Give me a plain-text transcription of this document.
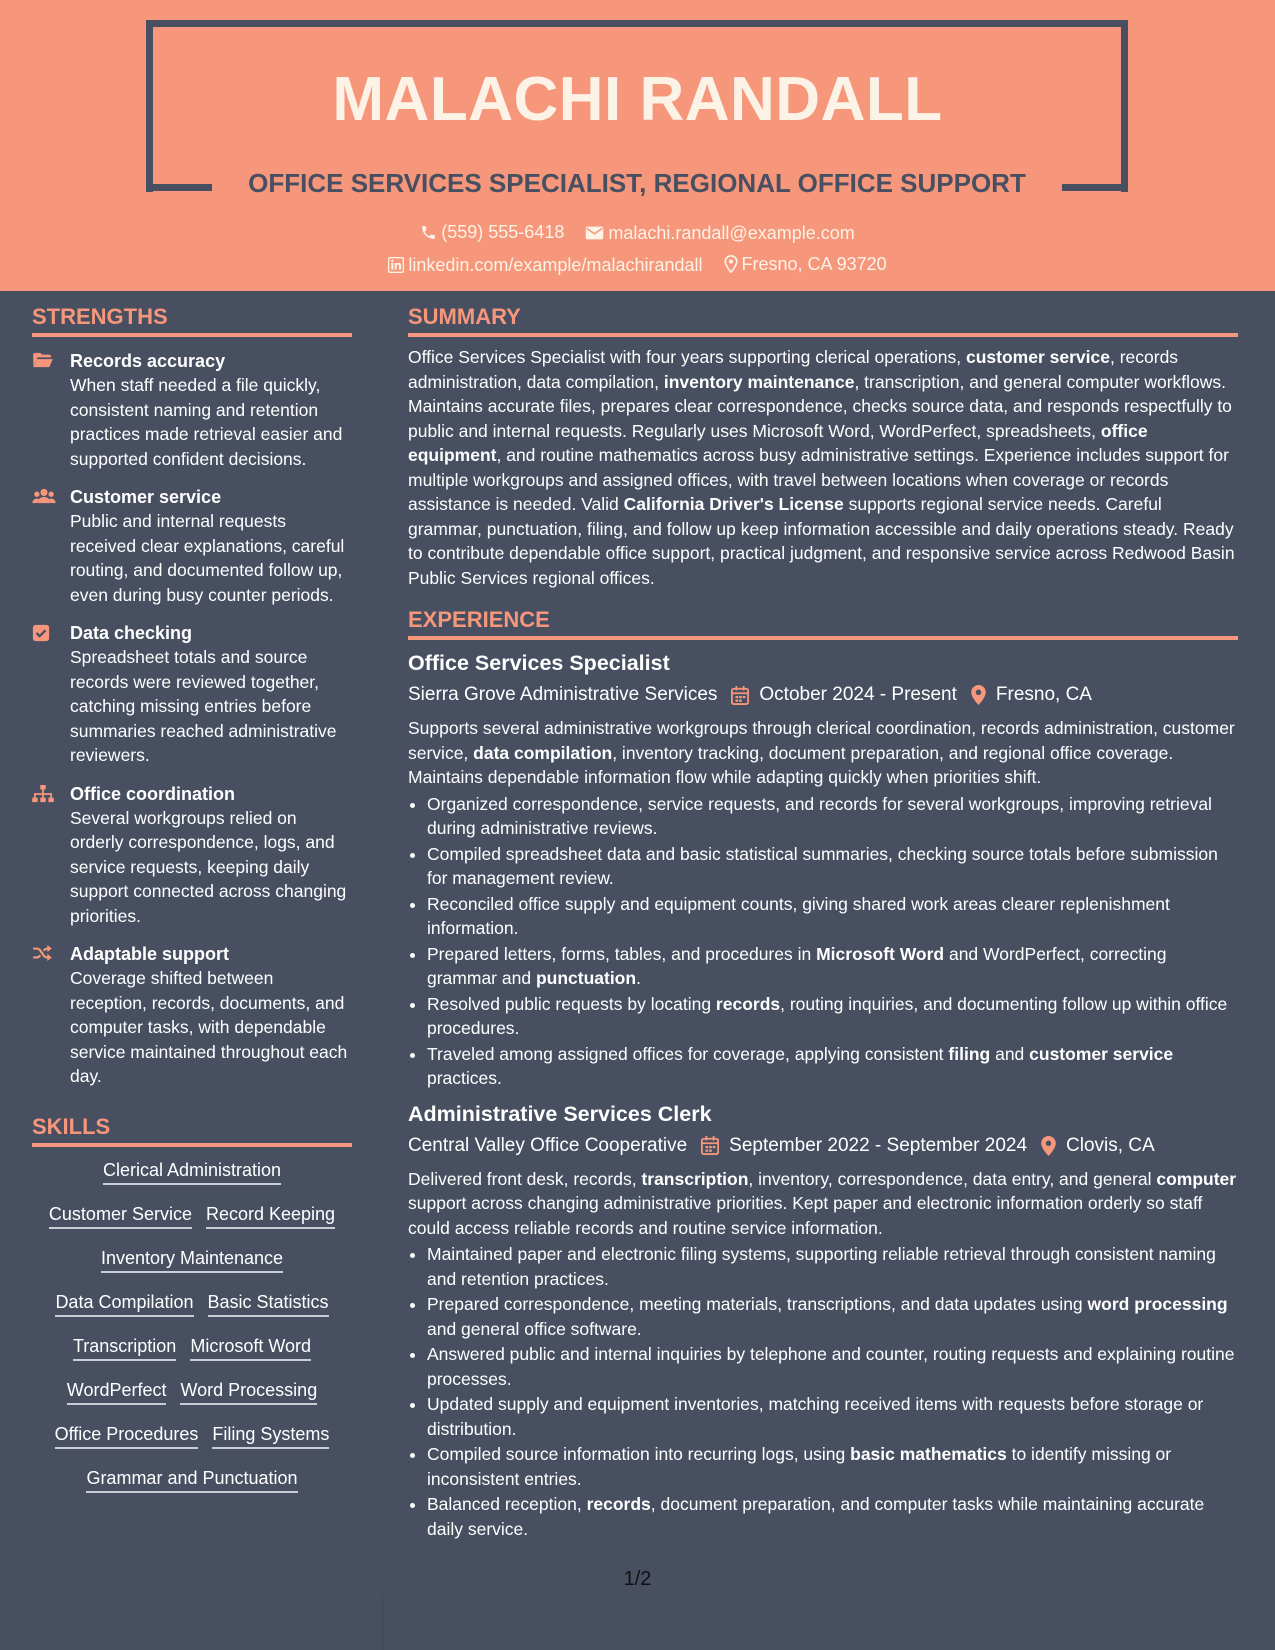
MALACHI RANDALL
OFFICE SERVICES SPECIALIST, REGIONAL OFFICE SUPPORT
(559) 555-6418
malachi.randall@example.com
linkedin.com/example/malachirandall
Fresno, CA 93720
STRENGTHS
Records accuracy
When staff needed a file quickly, consistent naming and retention practices made retrieval easier and supported confident decisions.
Customer service
Public and internal requests received clear explanations, careful routing, and documented follow up, even during busy counter periods.
Data checking
Spreadsheet totals and source records were reviewed together, catching missing entries before summaries reached administrative reviewers.
Office coordination
Several workgroups relied on orderly correspondence, logs, and service requests, keeping daily support connected across changing priorities.
Adaptable support
Coverage shifted between reception, records, documents, and computer tasks, with dependable service maintained throughout each day.
SKILLS
Clerical Administration
Customer Service Record Keeping
Inventory Maintenance
Data Compilation Basic Statistics
Transcription Microsoft Word
WordPerfect Word Processing
Office Procedures Filing Systems
Grammar and Punctuation
SUMMARY
Office Services Specialist with four years supporting clerical operations, customer service, records administration, data compilation, inventory maintenance, transcription, and general computer workflows. Maintains accurate files, prepares clear correspondence, checks source data, and responds respectfully to public and internal requests. Regularly uses Microsoft Word, WordPerfect, spreadsheets, office equipment, and routine mathematics across busy administrative settings. Experience includes support for multiple workgroups and assigned offices, with travel between locations when coverage or records assistance is needed. Valid California Driver's License supports regional service needs. Careful grammar, punctuation, filing, and follow up keep information accessible and daily operations steady. Ready to contribute dependable office support, practical judgment, and responsive service across Redwood Basin Public Services regional offices.
EXPERIENCE
Office Services Specialist
Sierra Grove Administrative Services October 2024 - Present Fresno, CA
Supports several administrative workgroups through clerical coordination, records administration, customer service, data compilation, inventory tracking, document preparation, and regional office coverage. Maintains dependable information flow while adapting quickly when priorities shift.
• Organized correspondence, service requests, and records for several workgroups, improving retrieval during administrative reviews.
• Compiled spreadsheet data and basic statistical summaries, checking source totals before submission for management review.
• Reconciled office supply and equipment counts, giving shared work areas clearer replenishment information.
• Prepared letters, forms, tables, and procedures in Microsoft Word and WordPerfect, correcting grammar and punctuation.
• Resolved public requests by locating records, routing inquiries, and documenting follow up within office procedures.
• Traveled among assigned offices for coverage, applying consistent filing and customer service practices.
Administrative Services Clerk
Central Valley Office Cooperative September 2022 - September 2024 Clovis, CA
Delivered front desk, records, transcription, inventory, correspondence, data entry, and general computer support across changing administrative priorities. Kept paper and electronic information orderly so staff could access reliable records and routine service information.
• Maintained paper and electronic filing systems, supporting reliable retrieval through consistent naming and retention practices.
• Prepared correspondence, meeting materials, transcriptions, and data updates using word processing and general office software.
• Answered public and internal inquiries by telephone and counter, routing requests and explaining routine processes.
• Updated supply and equipment inventories, matching received items with requests before storage or distribution.
• Compiled source information into recurring logs, using basic mathematics to identify missing or inconsistent entries.
• Balanced reception, records, document preparation, and computer tasks while maintaining accurate daily service.
1/2
